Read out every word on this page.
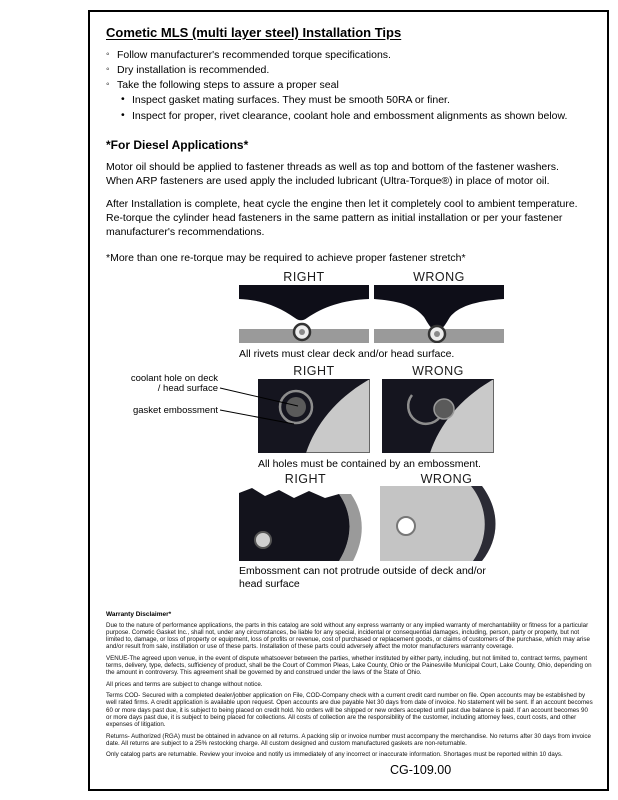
Cometic MLS (multi layer steel) Installation Tips
◦ Follow manufacturer's recommended torque specifications.
◦ Dry installation is recommended.
◦ Take the following steps to assure a proper seal
• Inspect gasket mating surfaces. They must be smooth 50RA or finer.
• Inspect for proper, rivet clearance, coolant hole and embossment alignments as shown below.
*For Diesel Applications*
Motor oil should be applied to fastener threads as well as top and bottom of the fastener washers. When ARP fasteners are used apply the included lubricant (Ultra-Torque®) in place of motor oil.
After Installation is complete, heat cycle the engine then let it completely cool to ambient temperature. Re-torque the cylinder head fasteners in the same pattern as initial installation or per your fastener manufacturer's recommendations.
*More than one re-torque may be required to achieve proper fastener stretch*
RIGHT	WRONG
All rivets must clear deck and/or head surface.
RIGHT	WRONG
coolant hole on deck / head surface
gasket embossment
All holes must be contained by an embossment.
RIGHT	WRONG
Embossment can not protrude outside of deck and/or head surface
Warranty Disclaimer*

Due to the nature of performance applications, the parts in this catalog are sold without any express warranty or any implied warranty of merchantability or fitness for a particular purpose. Cometic Gasket Inc., shall not, under any circumstances, be liable for any special, incidental or consequential damages, including, person, party or property, but not limited to, damage, or loss of property or equipment, loss of profits or revenue, cost of purchased or replacement goods, or claims of customers of the purchase, which may arise and/or result from sale, instillation or use of these parts. Installation of these parts could adversely affect the motor manufacturers warranty coverage.

VENUE-The agreed upon venue, in the event of dispute whatsoever between the parties, whether instituted by either party, including, but not limited to, contract terms, payment terms, delivery, type, defects, sufficiency of product, shall be the Court of Common Pleas, Lake County, Ohio or the Painesville Municipal Court, Lake County, Ohio, depending on the amount in controversy. This agreement shall be governed by and construed under the laws of the State of Ohio.

All prices and terms are subject to change without notice.

Terms COD- Secured with a completed dealer/jobber application on File, COD-Company check with a current credit card number on file. Open accounts may be established by well rated firms. A credit application is available upon request. Open accounts are due payable Net 30 days from date of invoice. No statement will be sent. If an account becomes 60 or more days past due, it is subject to being placed on credit hold. No orders will be shipped or new orders accepted until past due balance is paid. If an account becomes 90 or more days past due, it is subject to being placed for collections. All costs of collection are the responsibility of the customer, including attorney fees, court costs, and other expenses of litigation.

Returns- Authorized (RGA) must be obtained in advance on all returns. A packing slip or invoice number must accompany the merchandise. No returns after 30 days from invoice date. All returns are subject to a 25% restocking charge. All custom designed and custom manufactured gaskets are non-returnable.

Only catalog parts are returnable. Review your invoice and notify us immediately of any incorrect or inaccurate information. Shortages must be reported within 10 days.

CG-109.00
